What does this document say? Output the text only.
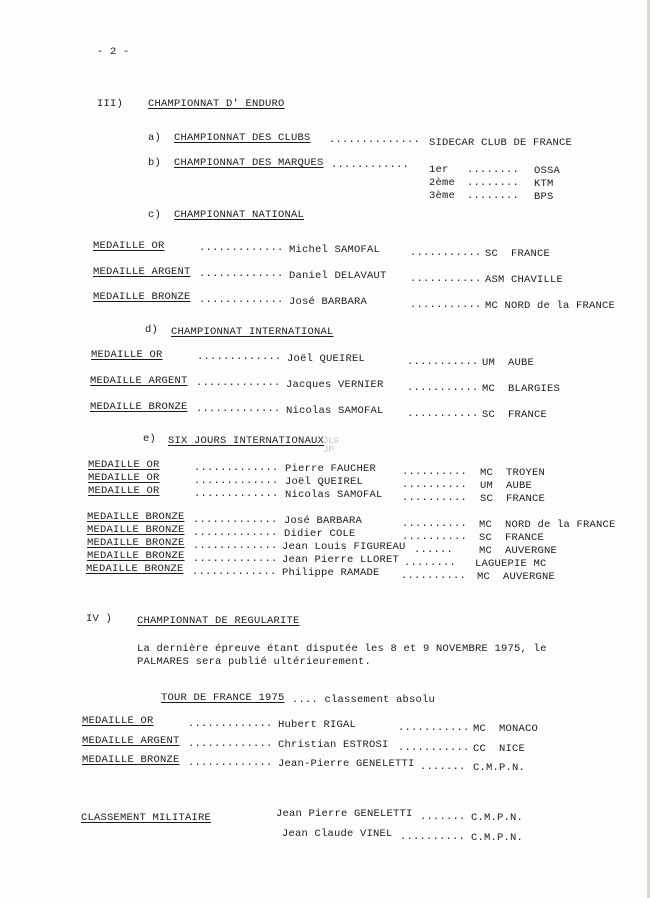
- 2 -
III) CHAMPIONNAT D' ENDURO
a) CHAMPIONNAT DES CLUBS .............. SIDECAR CLUB DE FRANCE
b) CHAMPIONNAT DES MARQUES ............ 1er ........ OSSA
2ème ........ KTM
3ème ........ BPS
c) CHAMPIONNAT NATIONAL
MEDAILLE OR	............. Michel SAMOFAL	........... SC  FRANCE
MEDAILLE ARGENT ............. Daniel DELAVAUT ........... ASM CHAVILLE
MEDAILLE BRONZE ............. José BARBARA	........... MC NORD de la FRANCE
d) CHAMPIONNAT INTERNATIONAL
MEDAILLE OR	............. Joël QUEIREL	........... UM  AUBE
MEDAILLE ARGENT ............. Jacques VERNIER ........... MC  BLARGIES
MEDAILLE BRONZE ............. Nicolas SAMOFAL ........... SC  FRANCE
e) SIX JOURS INTERNATIONAUX
JLG
JP
MEDAILLE OR	............. Pierre FAUCHER .......... MC  TROYEN
MEDAILLE OR	............. Joël QUEIREL	.......... UM  AUBE
MEDAILLE OR	............. Nicolas SAMOFAL .......... SC  FRANCE
MEDAILLE BRONZE ............. José BARBARA	.......... MC  NORD de la FRANCE
MEDAILLE BRONZE ............. Didier COLE	.......... SC  FRANCE
MEDAILLE BRONZE ............. Jean Louis FIGUREAU ...... MC  AUVERGNE
MEDAILLE BRONZE ............. Jean Pierre LLORET ........ LAGUEPIE MC
MEDAILLE BRONZE ............. Philippe RAMADE .......... MC  AUVERGNE
IV ) CHAMPIONNAT DE REGULARITE
La dernière épreuve étant disputée les 8 et 9 NOVEMBRE 1975, le
PALMARES sera publié ultérieurement.
TOUR DE FRANCE 1975 .... classement absolu
MEDAILLE OR	............. Hubert RIGAL	........... MC  MONACO
MEDAILLE ARGENT ............. Christian ESTROSI ........... CC  NICE
MEDAILLE BRONZE ............. Jean-Pierre GENELETTI ....... C.M.P.N.
CLASSEMENT MILITAIRE	Jean Pierre GENELETTI ....... C.M.P.N.
Jean Claude VINEL .......... C.M.P.N.
